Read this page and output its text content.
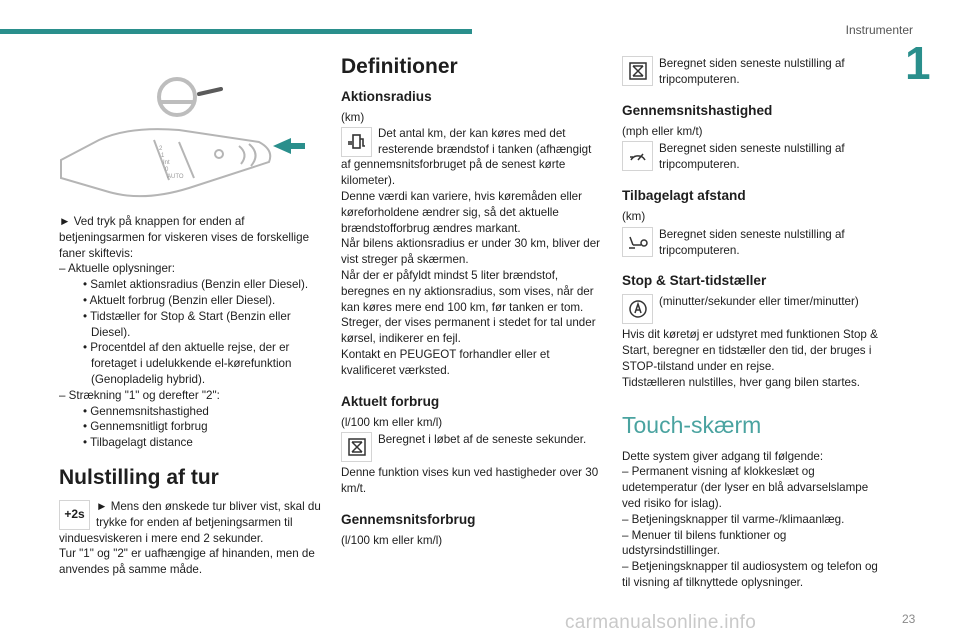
Instrumenter
1
2
1
Int
0
AUTO

► Ved tryk på knappen for enden af betjeningsarmen for viskeren vises de forskellige faner skiftevis:

– Aktuelle oplysninger:

• Samlet aktionsradius (Benzin eller Diesel).

• Aktuelt forbrug (Benzin eller Diesel).

• Tidstæller for Stop & Start (Benzin eller Diesel).

• Procentdel af den aktuelle rejse, der er foretaget i udelukkende el-kørefunktion (Genopladelig hybrid).

– Strækning "1" og derefter "2":

• Gennemsnitshastighed

• Gennemsnitligt forbrug

• Tilbagelagt distance

Nulstilling af tur
+2s

► Mens den ønskede tur bliver vist, skal du trykke for enden af betjeningsarmen til vinduesviskeren i mere end 2 sekunder.

Tur "1" og "2" er uafhængige af hinanden, men de anvendes på samme måde.

Definitioner
Aktionsradius

(km)

Det antal km, der kan køres med det resterende brændstof i tanken (afhængigt af gennemsnitsforbruget på de senest kørte kilometer).

Denne værdi kan variere, hvis køremåden eller køreforholdene ændrer sig, så det aktuelle brændstofforbrug ændres markant.

Når bilens aktionsradius er under 30 km, bliver der vist streger på skærmen.

Når der er påfyldt mindst 5 liter brændstof, beregnes en ny aktionsradius, som vises, når der kan køres mere end 100 km, før tanken er tom.

Streger, der vises permanent i stedet for tal under kørsel, indikerer en fejl.

Kontakt en PEUGEOT forhandler eller et kvalificeret værksted.

Aktuelt forbrug

(l/100 km eller km/l)

Beregnet i løbet af de seneste sekunder.

Denne funktion vises kun ved hastigheder over 30 km/t.

Gennemsnitsforbrug

(l/100 km eller km/l)

Beregnet siden seneste nulstilling af tripcomputeren.

Gennemsnitshastighed

(mph eller km/t)

Beregnet siden seneste nulstilling af tripcomputeren.

Tilbagelagt afstand

(km)

Beregnet siden seneste nulstilling af tripcomputeren.

Stop & Start-tidstæller

(minutter/sekunder eller timer/minutter)

Hvis dit køretøj er udstyret med funktionen Stop & Start, beregner en tidstæller den tid, der bruges i STOP-tilstand under en rejse.

Tidstælleren nulstilles, hver gang bilen startes.

Touch-skærm

Dette system giver adgang til følgende:

– Permanent visning af klokkeslæt og udetemperatur (der lyser en blå advarselslampe ved risiko for islag).

– Betjeningsknapper til varme-/klimaanlæg.

– Menuer til bilens funktioner og udstyrsindstillinger.

– Betjeningsknapper til audiosystem og telefon og til visning af tilknyttede oplysninger.

carmanualsonline.info	23
